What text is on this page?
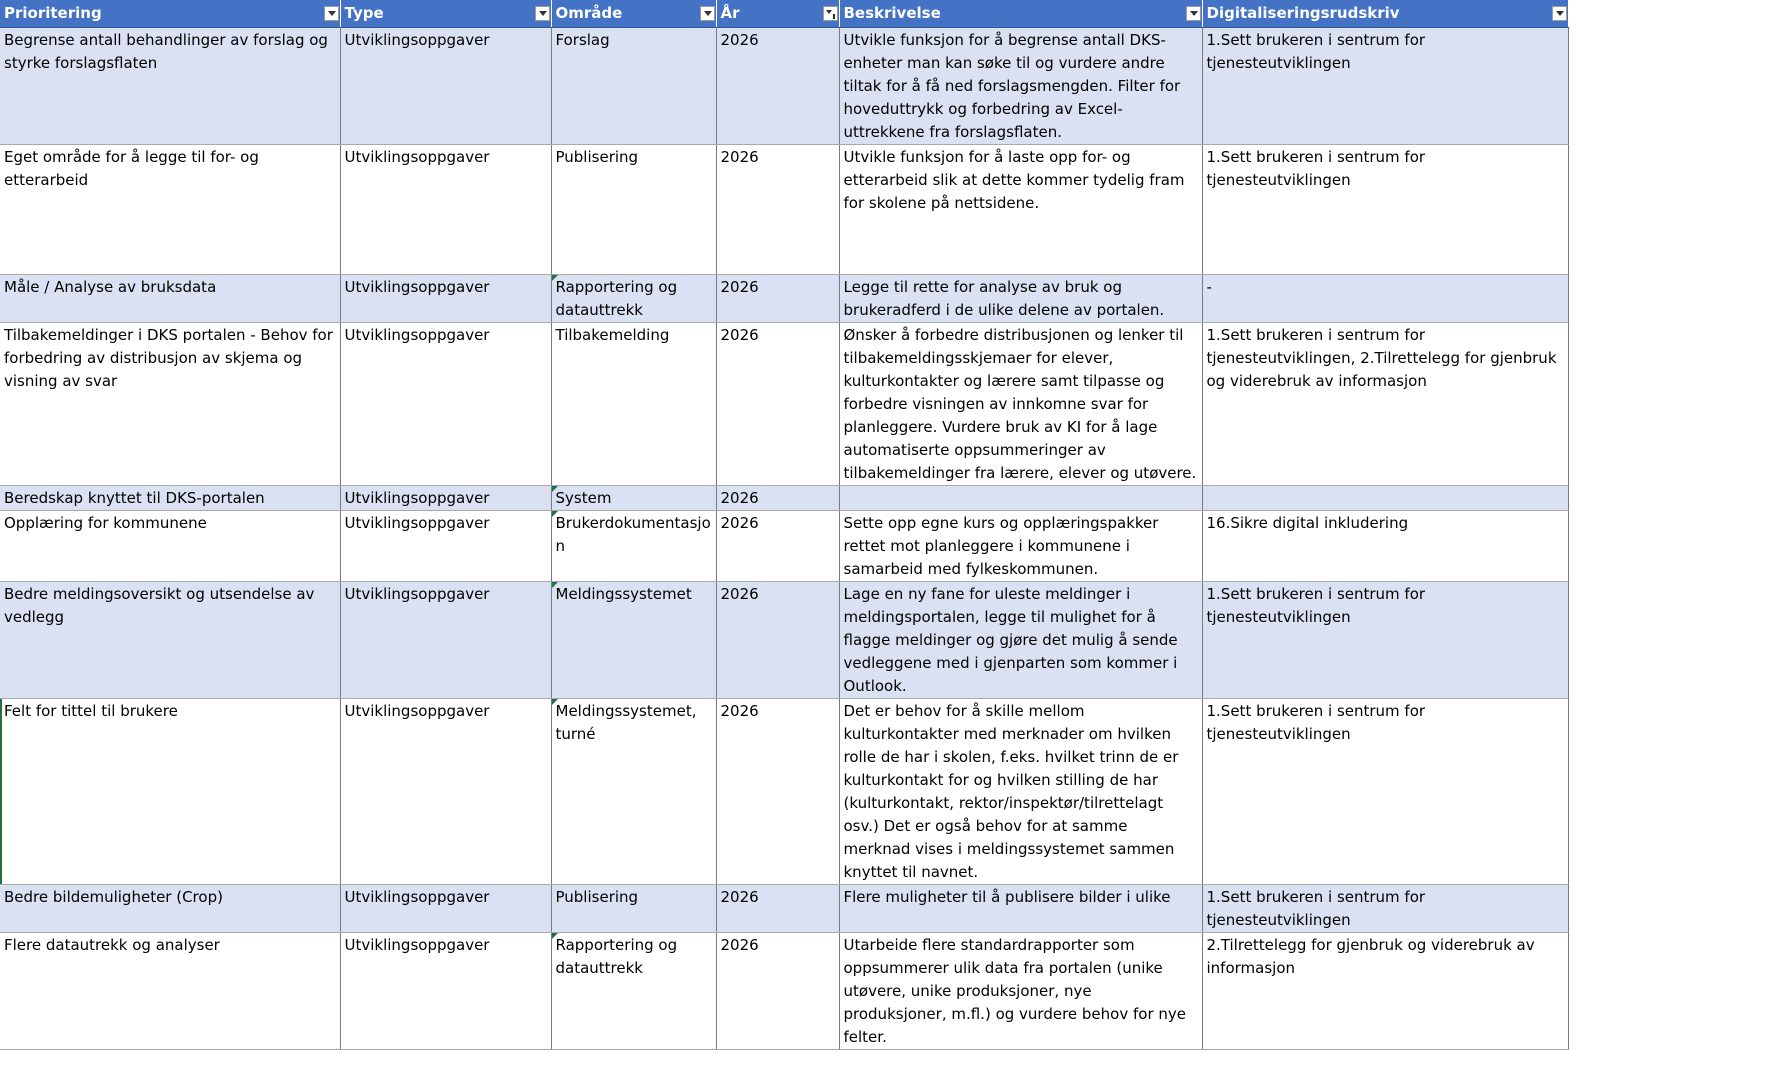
Prioritering	Type	Område	År	Beskrivelse	Digitaliseringsrudskriv

Begrense antall behandlinger av forslag og styrke forslagsflaten	Utviklingsoppgaver	Forslag	2026	Utvikle funksjon for å begrense antall DKS-enheter man kan søke til og vurdere andre tiltak for å få ned forslagsmengden. Filter for hoveduttrykk og forbedring av Excel-uttrekkene fra forslagsflaten.	1.Sett brukeren i sentrum for tjenesteutviklingen
Eget område for å legge til for- og etterarbeid	Utviklingsoppgaver	Publisering	2026	Utvikle funksjon for å laste opp for- og etterarbeid slik at dette kommer tydelig fram for skolene på nettsidene.	1.Sett brukeren i sentrum for tjenesteutviklingen
Måle / Analyse av bruksdata	Utviklingsoppgaver	Rapportering og datauttrekk	2026	Legge til rette for analyse av bruk og brukeradferd i de ulike delene av portalen.	-
Tilbakemeldinger i DKS portalen - Behov for forbedring av distribusjon av skjema og visning av svar	Utviklingsoppgaver	Tilbakemelding	2026	Ønsker å forbedre distribusjonen og lenker til tilbakemeldingsskjemaer for elever, kulturkontakter og lærere samt tilpasse og forbedre visningen av innkomne svar for planleggere. Vurdere bruk av KI for å lage automatiserte oppsummeringer av tilbakemeldinger fra lærere, elever og utøvere.	1.Sett brukeren i sentrum for tjenesteutviklingen, 2.Tilrettelegg for gjenbruk og viderebruk av informasjon
Beredskap knyttet til DKS-portalen	Utviklingsoppgaver	System	2026		
Opplæring for kommunene	Utviklingsoppgaver	Brukerdokumentasjon	2026	Sette opp egne kurs og opplæringspakker rettet mot planleggere i kommunene i samarbeid med fylkeskommunen.	16.Sikre digital inkludering
Bedre meldingsoversikt og utsendelse av vedlegg	Utviklingsoppgaver	Meldingssystemet	2026	Lage en ny fane for uleste meldinger i meldingsportalen, legge til mulighet for å flagge meldinger og gjøre det mulig å sende vedleggene med i gjenparten som kommer i Outlook.	1.Sett brukeren i sentrum for tjenesteutviklingen
Felt for tittel til brukere	Utviklingsoppgaver	Meldingssystemet, turné	2026	Det er behov for å skille mellom kulturkontakter med merknader om hvilken rolle de har i skolen, f.eks. hvilket trinn de er kulturkontakt for og hvilken stilling de har (kulturkontakt, rektor/inspektør/tilrettelagt osv.) Det er også behov for at samme merknad vises i meldingssystemet sammen knyttet til navnet.	1.Sett brukeren i sentrum for tjenesteutviklingen
Bedre bildemuligheter (Crop)	Utviklingsoppgaver	Publisering	2026	Flere muligheter til å publisere bilder i ulike	1.Sett brukeren i sentrum for tjenesteutviklingen
Flere datautrekk og analyser	Utviklingsoppgaver	Rapportering og datauttrekk	2026	Utarbeide flere standardrapporter som oppsummerer ulik data fra portalen (unike utøvere, unike produksjoner, nye produksjoner, m.fl.) og vurdere behov for nye felter.	2.Tilrettelegg for gjenbruk og viderebruk av informasjon
